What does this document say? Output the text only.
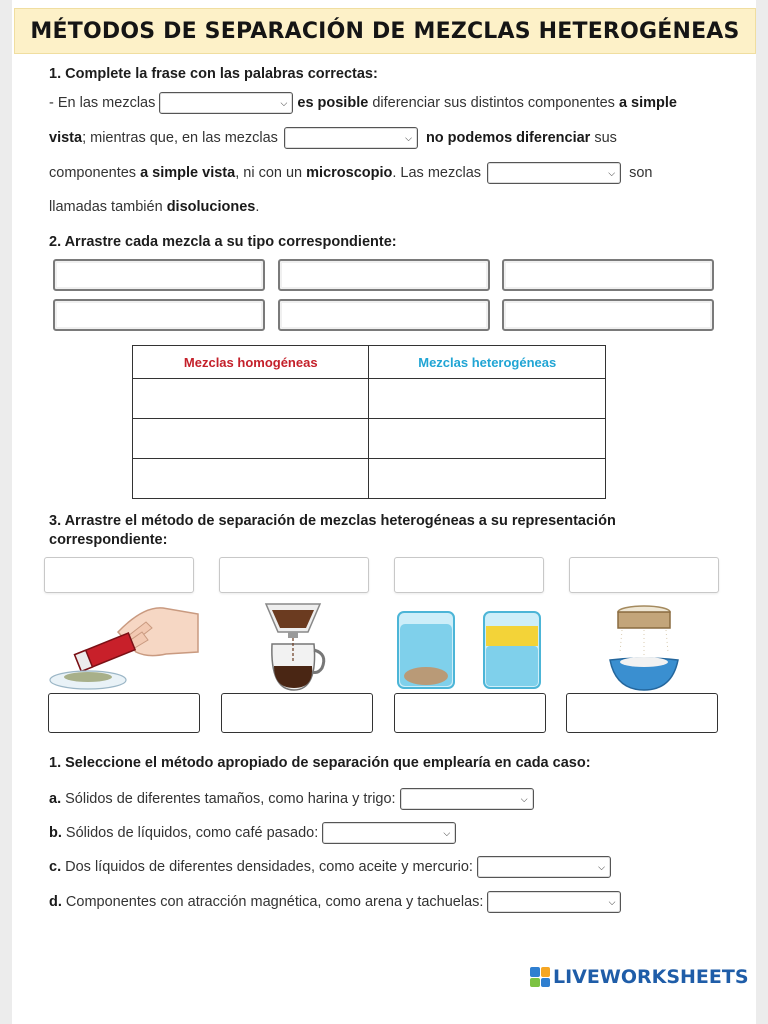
MÉTODOS DE SEPARACIÓN DE MEZCLAS HETEROGÉNEAS
1. Complete la frase con las palabras correctas:
- En las mezclas	⌵ es posible
diferenciar sus distintos componentes
a simple
vista ; mientras que, en las mezclas	⌵
no podemos diferenciar
sus
componentes
a simple vista , ni con un
microscopio . Las mezclas	⌵
son
llamadas también
disoluciones .
2. Arrastre cada mezcla a su tipo correspondiente:
Mezclas homogéneas	Mezclas heterogéneas

3. Arrastre el método de separación de mezclas heterogéneas a su representación
correspondiente:
1. Seleccione el método apropiado de separación que emplearía en cada caso:
a.
Sólidos de diferentes tamaños, como harina y trigo:	⌵
b.
Sólidos de líquidos, como café pasado:	⌵
c.
Dos líquidos de diferentes densidades, como aceite y mercurio:	⌵
d.
Componentes con atracción magnética, como arena y tachuelas:	⌵
LIVEWORKSHEETS
